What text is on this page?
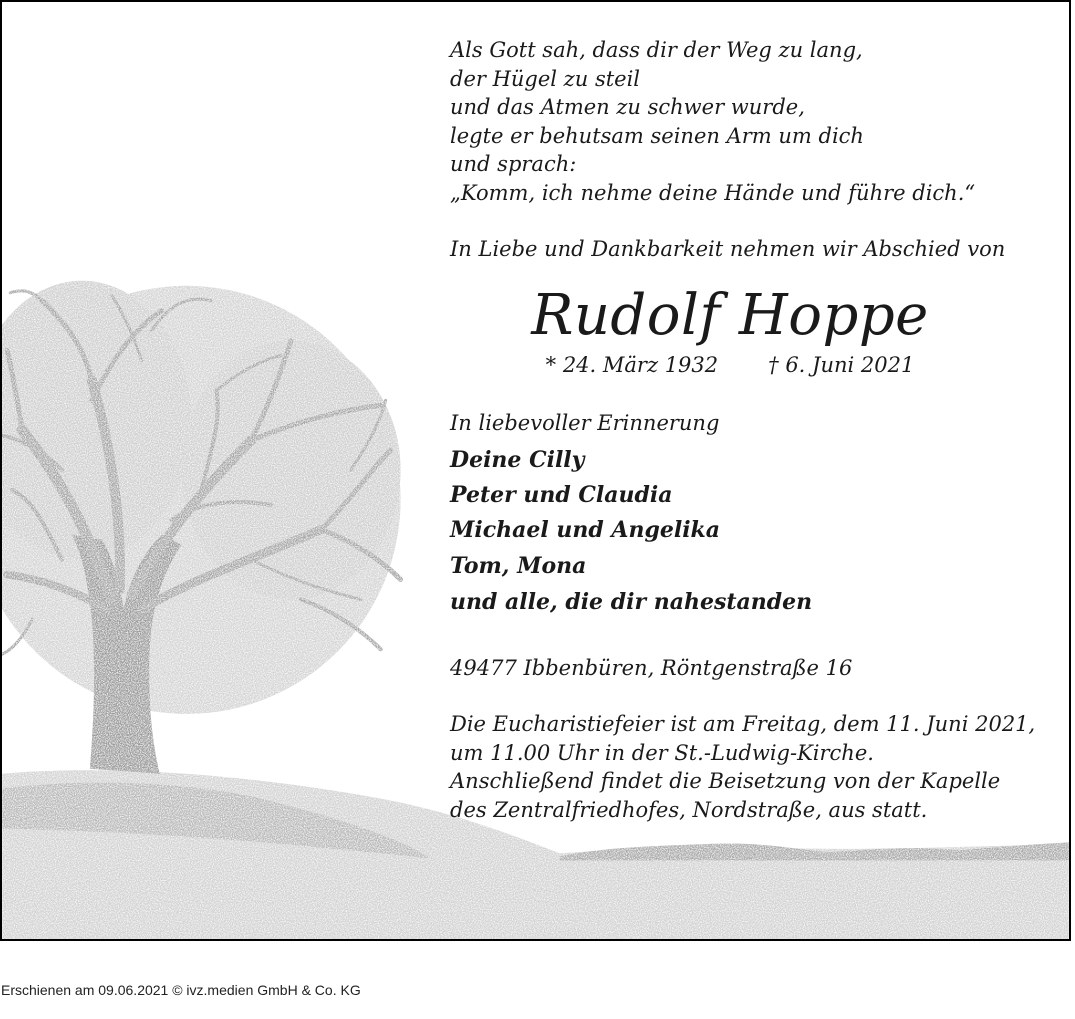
Als Gott sah, dass dir der Weg zu lang,
der Hügel zu steil
und das Atmen zu schwer wurde,
legte er behutsam seinen Arm um dich
und sprach:
„Komm, ich nehme deine Hände und führe dich.“
In Liebe und Dankbarkeit nehmen wir Abschied von
Rudolf Hoppe
* 24. März 1932 † 6. Juni 2021
In liebevoller Erinnerung
Deine Cilly
Peter und Claudia
Michael und Angelika
Tom, Mona
und alle, die dir nahestanden
49477 Ibbenbüren, Röntgenstraße 16
Die Eucharistiefeier ist am Freitag, dem 11. Juni 2021,
um 11.00 Uhr in der St.-Ludwig-Kirche.
Anschließend findet die Beisetzung von der Kapelle
des Zentralfriedhofes, Nordstraße, aus statt.
Erschienen am 09.06.2021 © ivz.medien GmbH & Co. KG
